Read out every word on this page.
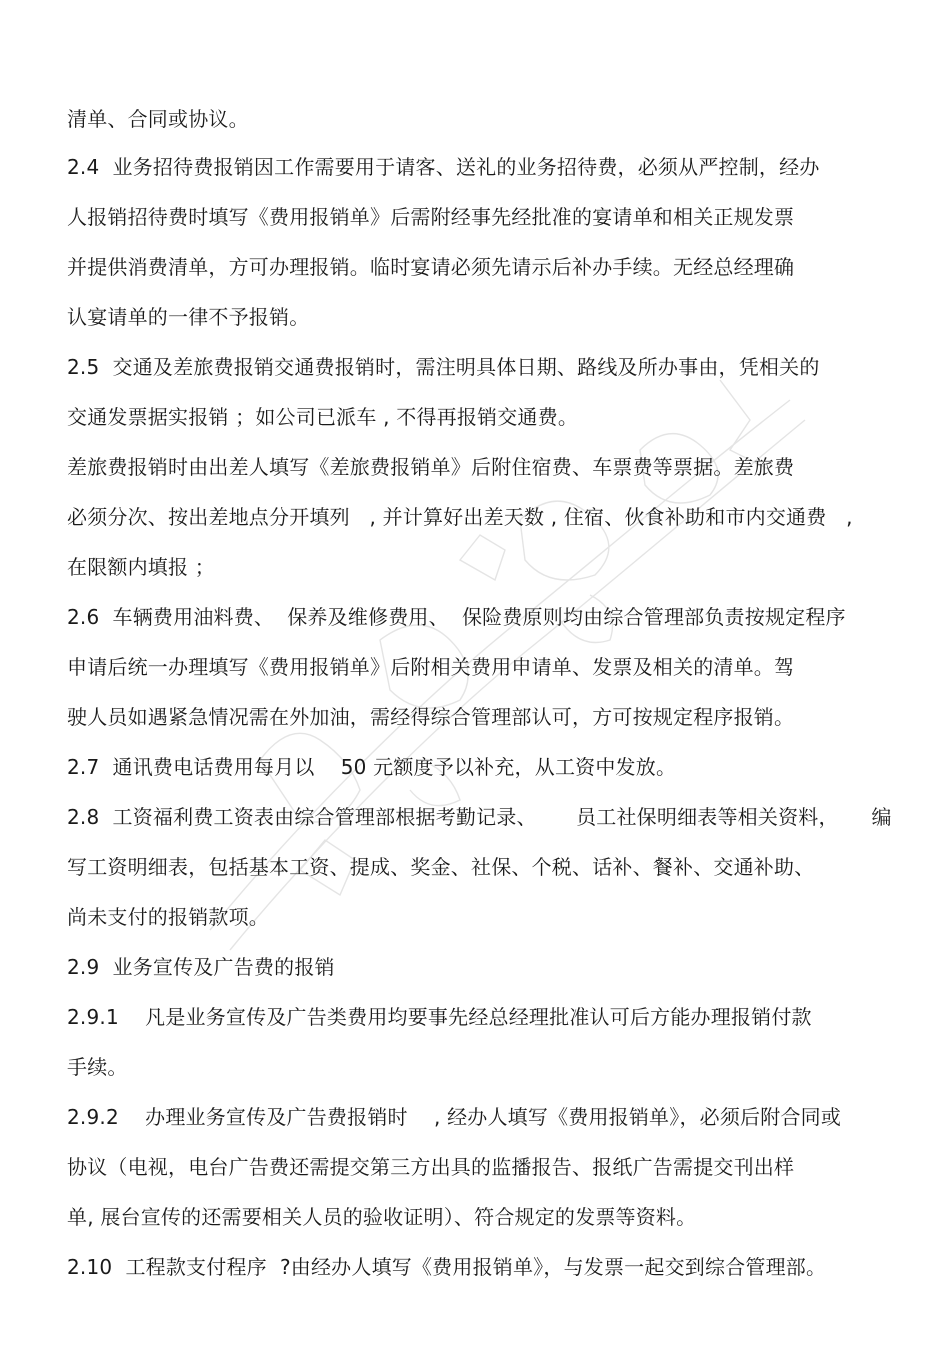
清单、合同或协议。
2.4  业务招待费报销因工作需要用于请客、送礼的业务招待费，必须从严控制，经办
人报销招待费时填写《费用报销单》后需附经事先经批准的宴请单和相关正规发票
并提供消费清单，方可办理报销。临时宴请必须先请示后补办手续。无经总经理确
认宴请单的一律不予报销。
2.5  交通及差旅费报销交通费报销时，需注明具体日期、路线及所办事由，凭相关的
交通发票据实报销 ；如公司已派车 , 不得再报销交通费。
差旅费报销时由出差人填写《差旅费报销单》后附住宿费、车票费等票据。差旅费
必须分次、按出差地点分开填列   , 并计算好出差天数 , 住宿、伙食补助和市内交通费   ,
在限额内填报 ；
2.6  车辆费用油料费、  保养及维修费用、  保险费原则均由综合管理部负责按规定程序
申请后统一办理填写《费用报销单》后附相关费用申请单、发票及相关的清单。驾
驶人员如遇紧急情况需在外加油，需经得综合管理部认可，方可按规定程序报销。
2.7  通讯费电话费用每月以    50 元额度予以补充，从工资中发放。
2.8  工资福利费工资表由综合管理部根据考勤记录、      员工社保明细表等相关资料，     编
写工资明细表，包括基本工资、提成、奖金、社保、个税、话补、餐补、交通补助、
尚未支付的报销款项。
2.9  业务宣传及广告费的报销
2.9.1    凡是业务宣传及广告类费用均要事先经总经理批准认可后方能办理报销付款
手续。
2.9.2    办理业务宣传及广告费报销时    , 经办人填写《费用报销单》，必须后附合同或
协议（电视，电台广告费还需提交第三方出具的监播报告、报纸广告需提交刊出样
单, 展台宣传的还需要相关人员的验收证明）、符合规定的发票等资料。
2.10  工程款支付程序  ?由经办人填写《费用报销单》，与发票一起交到综合管理部。
